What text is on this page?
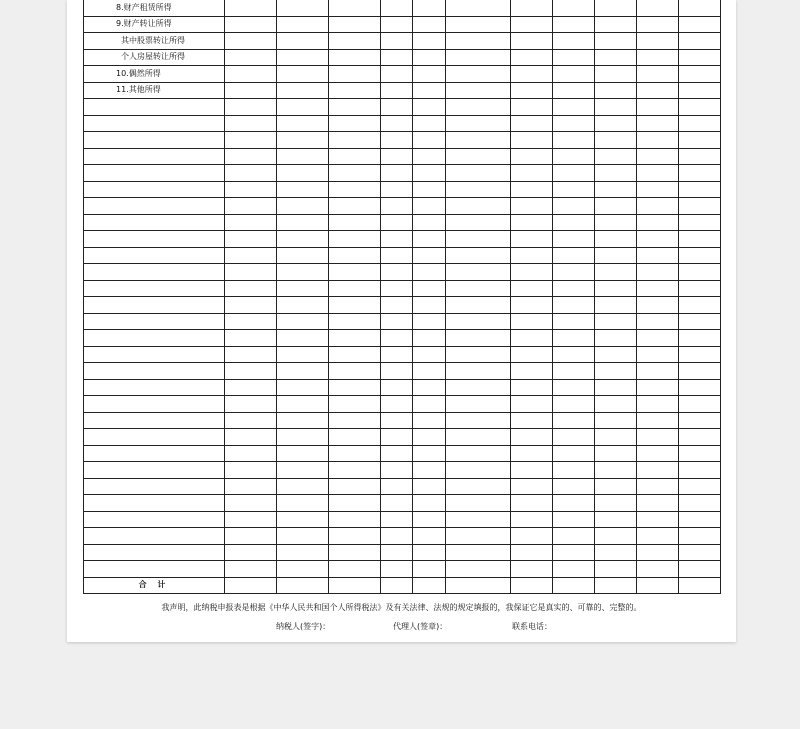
8.财产租赁所得											
9.财产转让所得											
其中股票转让所得											
个人房屋转让所得											
10.偶然所得											
11.其他所得											

合 计											
我声明，此纳税申报表是根据《中华人民共和国个人所得税法》及有关法律、法规的规定填报的，我保证它是真实的、可靠的、完整的。
纳税人(签字)：	代理人(签章)：	联系电话：
